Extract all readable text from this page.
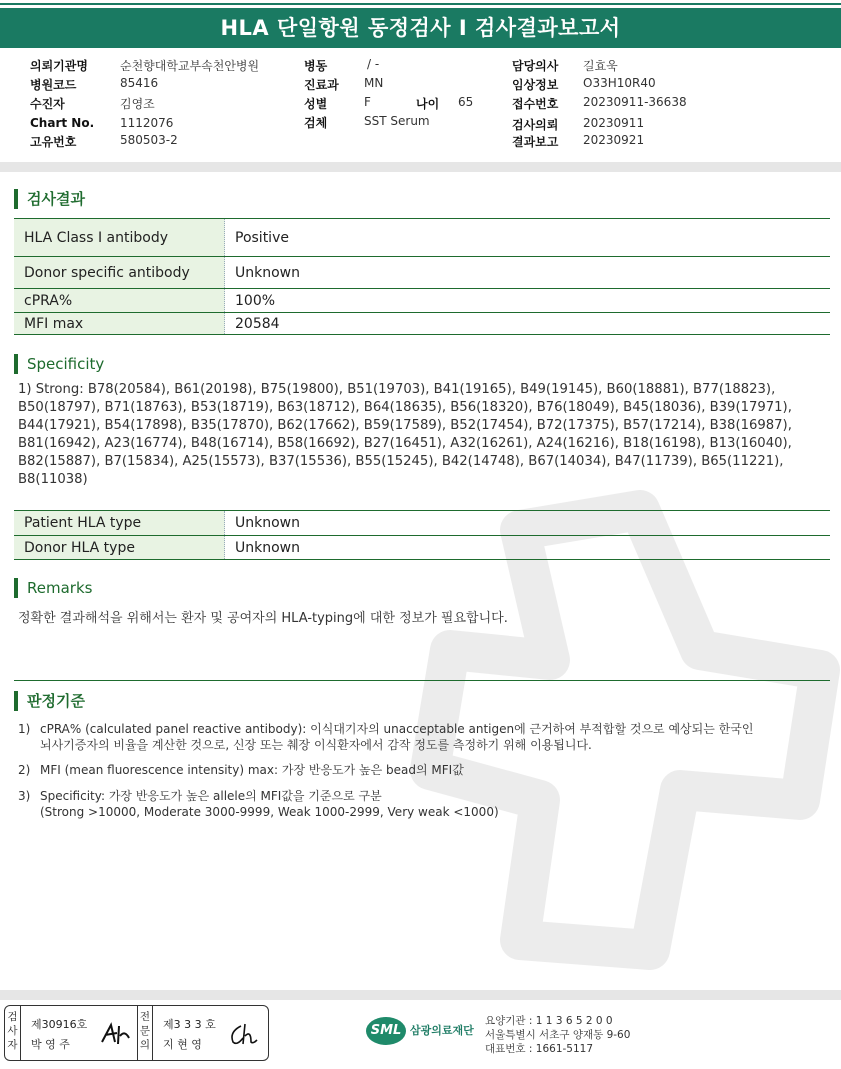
HLA 단일항원 동정검사 I 검사결과보고서
의뢰기관명	순천향대학교부속천안병원
병원코드	85416
수진자	김영조
Chart No. 1112076
고유번호	580503-2
병동	/ -
진료과 MN
성별	F	나이 65
검체	SST Serum
담당의사 길효욱
임상정보 O33H10R40
접수번호 20230911-36638
검사의뢰 20230911
결과보고 20230921
검사결과
HLA Class I antibody	Positive
Donor specific antibody	Unknown
cPRA%	100%
MFI max	20584
Specificity
1) Strong: B78(20584), B61(20198), B75(19800), B51(19703), B41(19165), B49(19145), B60(18881), B77(18823), B50(18797), B71(18763), B53(18719), B63(18712), B64(18635), B56(18320), B76(18049), B45(18036), B39(17971), B44(17921), B54(17898), B35(17870), B62(17662), B59(17589), B52(17454), B72(17375), B57(17214), B38(16987), B81(16942), A23(16774), B48(16714), B58(16692), B27(16451), A32(16261), A24(16216), B18(16198), B13(16040), B82(15887), B7(15834), A25(15573), B37(15536), B55(15245), B42(14748), B67(14034), B47(11739), B65(11221), B8(11038)
Patient HLA type	Unknown
Donor HLA type	Unknown
Remarks
정확한 결과해석을 위해서는 환자 및 공여자의 HLA-typing에 대한 정보가 필요합니다.
판정기준
1) cPRA% (calculated panel reactive antibody): 이식대기자의 unacceptable antigen에 근거하여 부적합할 것으로 예상되는 한국인
뇌사기증자의 비율을 계산한 것으로, 신장 또는 췌장 이식환자에서 감작 정도를 측정하기 위해 이용됩니다.
2) MFI (mean fluorescence intensity) max: 가장 반응도가 높은 bead의 MFI값
3) Specificity: 가장 반응도가 높은 allele의 MFI값을 기준으로 구분
(Strong >10000, Moderate 3000-9999, Weak 1000-2999, Very weak <1000)
검사자
제30916호
박 영 주
전문의
제3 3 3 호
지 현 영
SML 삼광의료재단
요양기관 : 1 1 3 6 5 2 0 0
서울특별시 서초구 양재동 9-60
대표번호 : 1661-5117
